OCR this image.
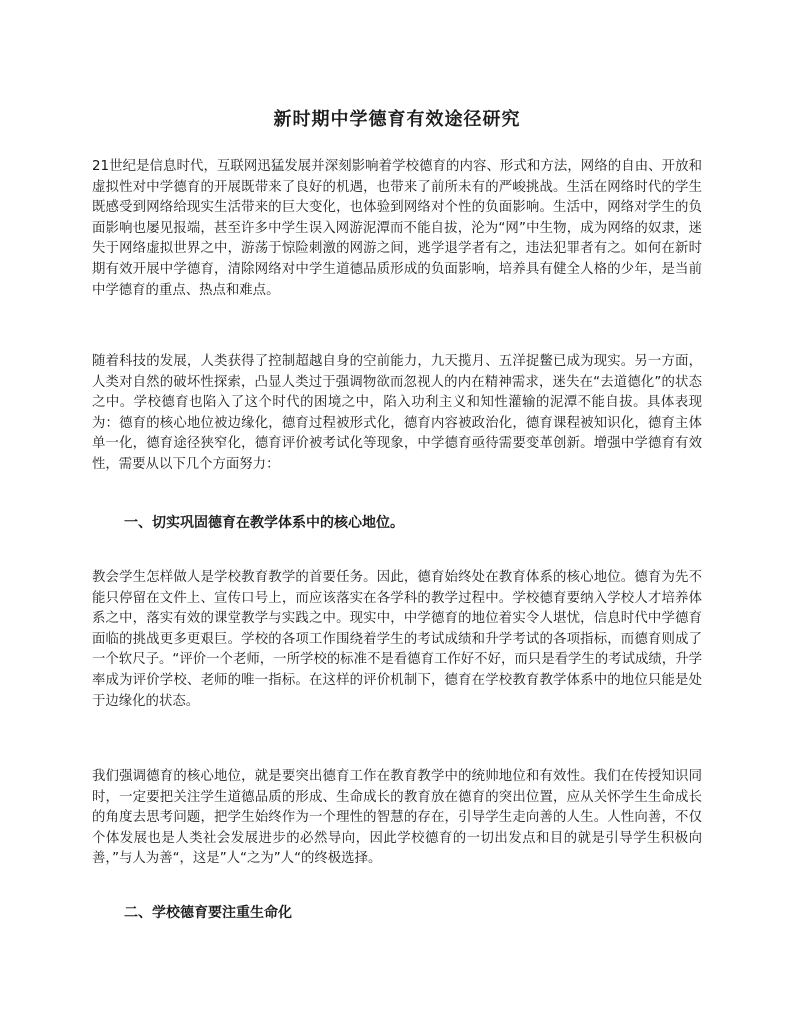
新时期中学德育有效途径研究

21世纪是信息时代，互联网迅猛发展并深刻影响着学校德育的内容、形式和方法，网络的自由、开放和虚拟性对中学德育的开展既带来了良好的机遇，也带来了前所未有的严峻挑战。生活在网络时代的学生既感受到网络给现实生活带来的巨大变化，也体验到网络对个性的负面影响。生活中，网络对学生的负面影响也屡见报端，甚至许多中学生误入网游泥潭而不能自拔，沦为“网”中生物，成为网络的奴隶，迷失于网络虚拟世界之中，游荡于惊险刺激的网游之间，逃学退学者有之，违法犯罪者有之。如何在新时期有效开展中学德育，清除网络对中学生道德品质形成的负面影响，培养具有健全人格的少年，是当前中学德育的重点、热点和难点。

随着科技的发展，人类获得了控制超越自身的空前能力，九天揽月、五洋捉鳖已成为现实。另一方面，人类对自然的破坏性探索，凸显人类过于强调物欲而忽视人的内在精神需求，迷失在“去道德化”的状态之中。学校德育也陷入了这个时代的困境之中，陷入功利主义和知性灌输的泥潭不能自拔。具体表现为：德育的核心地位被边缘化，德育过程被形式化，德育内容被政治化，德育课程被知识化，德育主体单一化，德育途径狭窄化，德育评价被考试化等现象，中学德育亟待需要变革创新。增强中学德育有效性，需要从以下几个方面努力：

一、切实巩固德育在教学体系中的核心地位。

教会学生怎样做人是学校教育教学的首要任务。因此，德育始终处在教育体系的核心地位。德育为先不能只停留在文件上、宣传口号上，而应该落实在各学科的教学过程中。学校德育要纳入学校人才培养体系之中，落实有效的课堂教学与实践之中。现实中，中学德育的地位着实令人堪忧，信息时代中学德育面临的挑战更多更艰巨。学校的各项工作围绕着学生的考试成绩和升学考试的各项指标，而德育则成了一个软尺子。“评价一个老师，一所学校的标准不是看德育工作好不好，而只是看学生的考试成绩，升学率成为评价学校、老师的唯一指标。在这样的评价机制下，德育在学校教育教学体系中的地位只能是处于边缘化的状态。

我们强调德育的核心地位，就是要突出德育工作在教育教学中的统帅地位和有效性。我们在传授知识同时，一定要把关注学生道德品质的形成、生命成长的教育放在德育的突出位置，应从关怀学生生命成长的角度去思考问题，把学生始终作为一个理性的智慧的存在，引导学生走向善的人生。人性向善，不仅个体发展也是人类社会发展进步的必然导向，因此学校德育的一切出发点和目的就是引导学生积极向善，”与人为善“，这是”人“之为”人“的终极选择。

二、学校德育要注重生命化
